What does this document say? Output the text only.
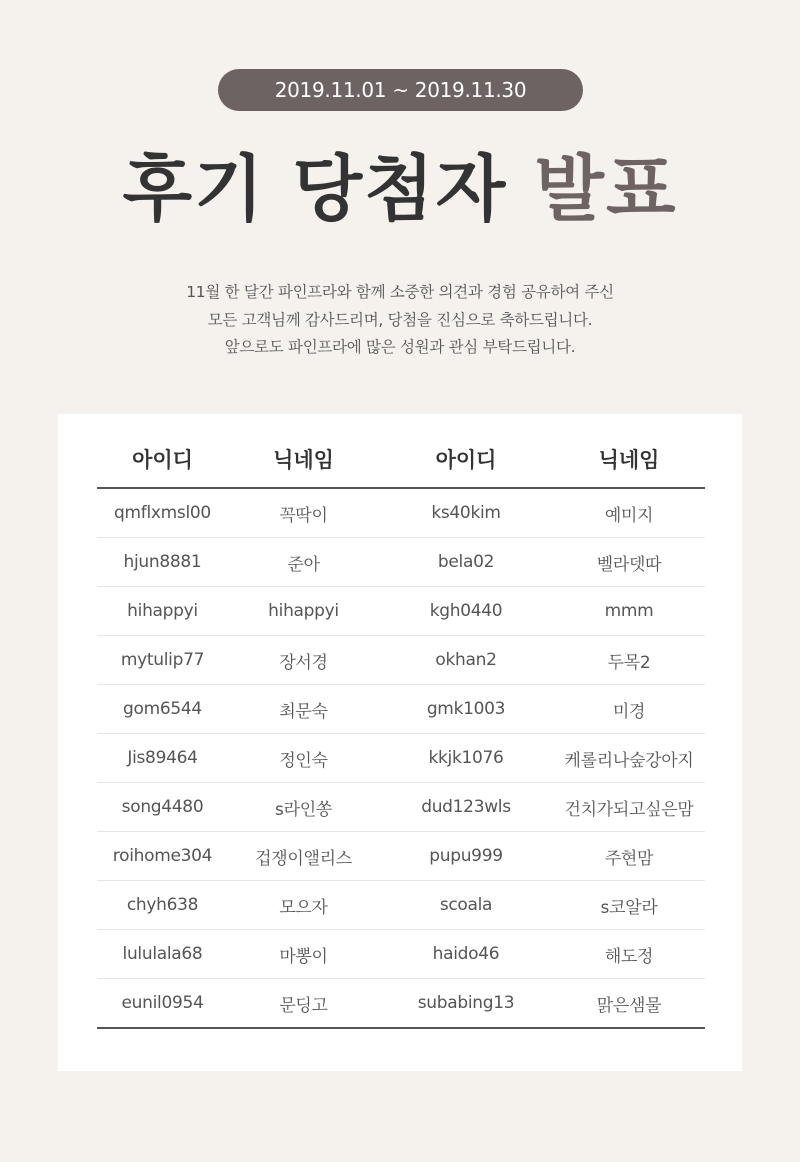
2019.11.01 ~ 2019.11.30
후기 당첨자 발표
11월 한 달간 파인프라와 함께 소중한 의견과 경험 공유하여 주신
모든 고객님께 감사드리며, 당첨을 진심으로 축하드립니다.
앞으로도 파인프라에 많은 성원과 관심 부탁드립니다.
아이디	닉네임	아이디	닉네임
qmflxmsl00	꼭딱이	ks40kim	예미지
hjun8881	준아	bela02	벨라뎃따
hihappyi	hihappyi	kgh0440	mmm
mytulip77	장서경	okhan2	두목2
gom6544	최문숙	gmk1003	미경
Jis89464	정인숙	kkjk1076	케롤리나숲강아지
song4480	s라인쏭	dud123wls	건치가되고싶은맘
roihome304	겁쟁이앨리스	pupu999	주현맘
chyh638	모으자	scoala	s코알라
lululala68	마뽕이	haido46	해도정
eunil0954	문딩고	subabing13	맑은샘물
